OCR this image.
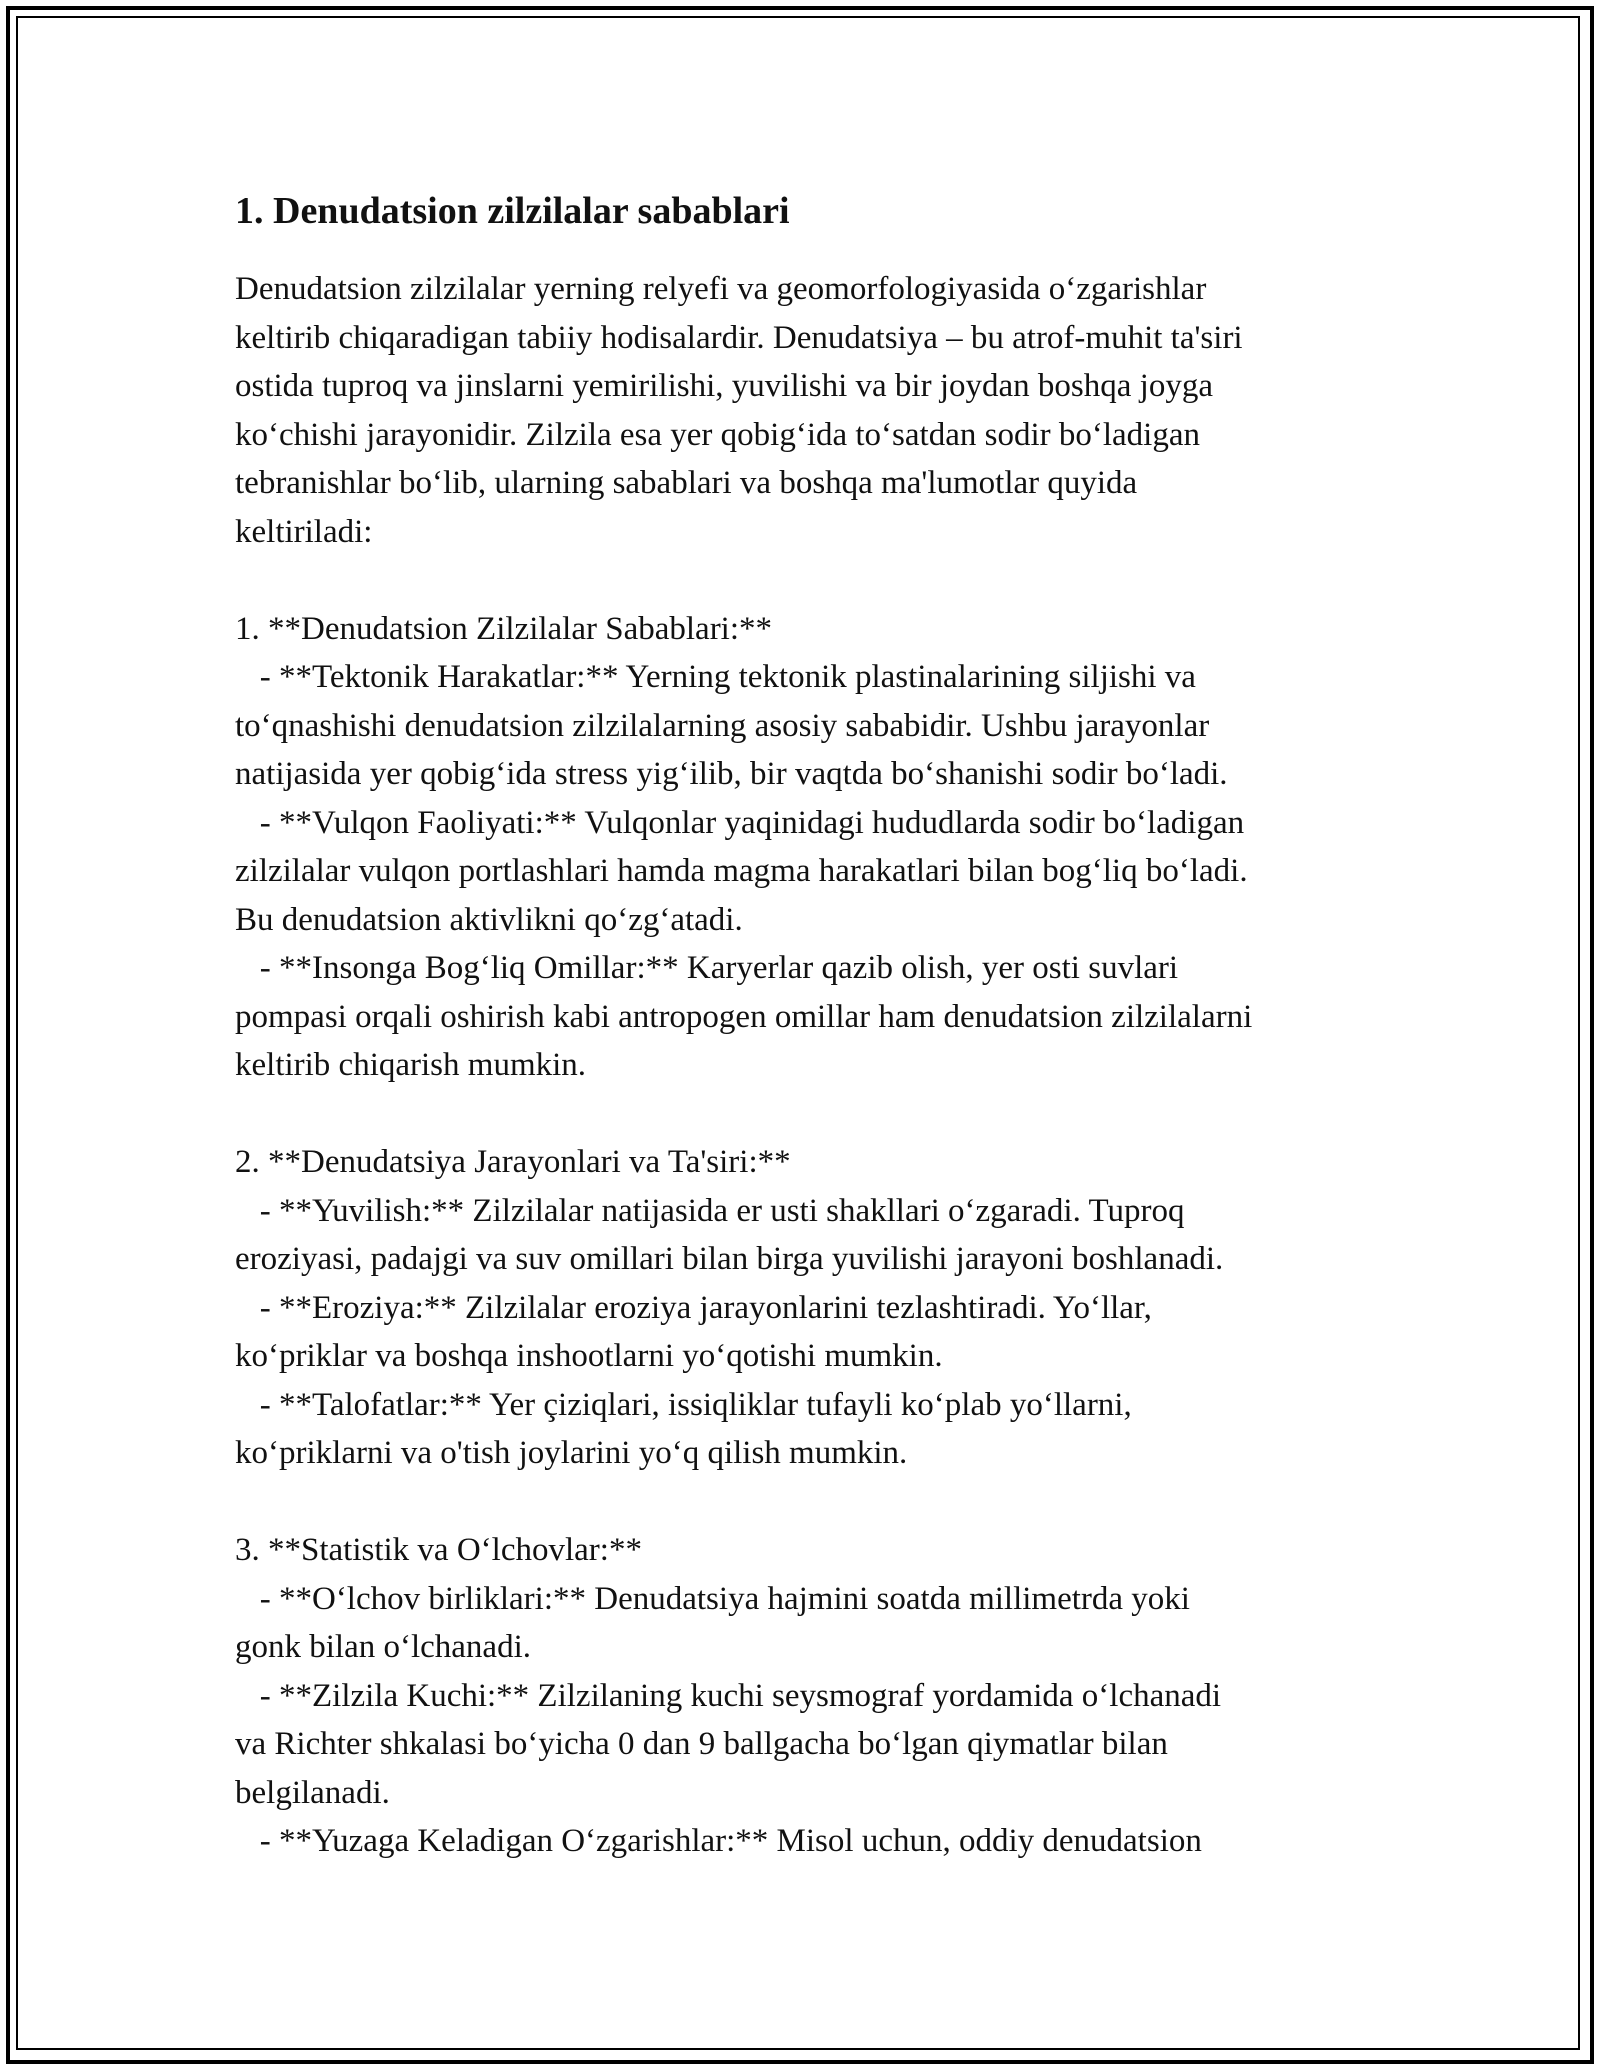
1. Denudatsion zilzilalar sabablari

Denudatsion zilzilalar yerning relyefi va geomorfologiyasida o‘zgarishlar

keltirib chiqaradigan tabiiy hodisalardir. Denudatsiya – bu atrof-muhit ta'siri

ostida tuproq va jinslarni yemirilishi, yuvilishi va bir joydan boshqa joyga

ko‘chishi jarayonidir. Zilzila esa yer qobig‘ida to‘satdan sodir bo‘ladigan

tebranishlar bo‘lib, ularning sabablari va boshqa ma'lumotlar quyida

keltiriladi:

1. **Denudatsion Zilzilalar Sabablari:**

- **Tektonik Harakatlar:** Yerning tektonik plastinalarining siljishi va

to‘qnashishi denudatsion zilzilalarning asosiy sababidir. Ushbu jarayonlar

natijasida yer qobig‘ida stress yig‘ilib, bir vaqtda bo‘shanishi sodir bo‘ladi.

- **Vulqon Faoliyati:** Vulqonlar yaqinidagi hududlarda sodir bo‘ladigan

zilzilalar vulqon portlashlari hamda magma harakatlari bilan bog‘liq bo‘ladi.

Bu denudatsion aktivlikni qo‘zg‘atadi.

- **Insonga Bog‘liq Omillar:** Karyerlar qazib olish, yer osti suvlari

pompasi orqali oshirish kabi antropogen omillar ham denudatsion zilzilalarni

keltirib chiqarish mumkin.

2. **Denudatsiya Jarayonlari va Ta'siri:**

- **Yuvilish:** Zilzilalar natijasida er usti shakllari o‘zgaradi. Tuproq

eroziyasi, padajgi va suv omillari bilan birga yuvilishi jarayoni boshlanadi.

- **Eroziya:** Zilzilalar eroziya jarayonlarini tezlashtiradi. Yo‘llar,

ko‘priklar va boshqa inshootlarni yo‘qotishi mumkin.

- **Talofatlar:** Yer çiziqlari, issiqliklar tufayli ko‘plab yo‘llarni,

ko‘priklarni va o'tish joylarini yo‘q qilish mumkin.

3. **Statistik va O‘lchovlar:**

- **O‘lchov birliklari:** Denudatsiya hajmini soatda millimetrda yoki

gonk bilan o‘lchanadi.

- **Zilzila Kuchi:** Zilzilaning kuchi seysmograf yordamida o‘lchanadi

va Richter shkalasi bo‘yicha 0 dan 9 ballgacha bo‘lgan qiymatlar bilan

belgilanadi.

- **Yuzaga Keladigan O‘zgarishlar:** Misol uchun, oddiy denudatsion
